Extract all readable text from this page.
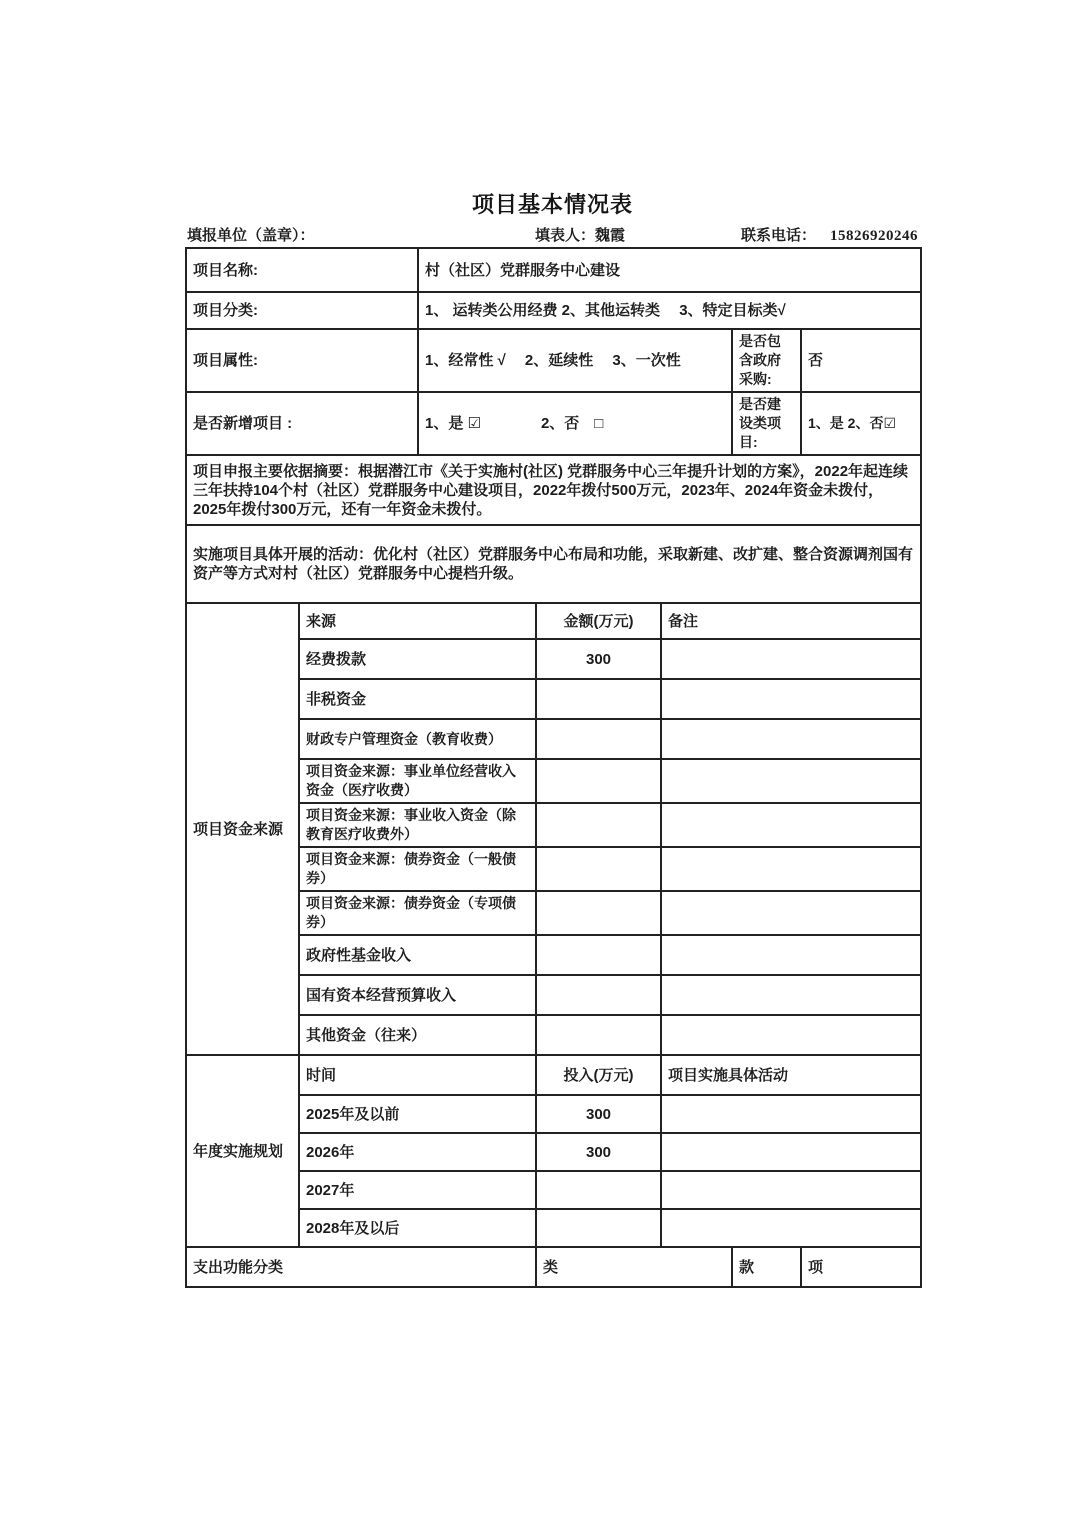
项目基本情况表
填报单位（盖章）：	填表人：魏霞	联系电话： 15826920246
项目名称:		村（社区）党群服务中心建设				
项目分类:		1、 运转类公用经费 2、其他运转类　 3、特定目标类√				
项目属性:		1、经常性 √　 2、延续性　 3、一次性			是否包含政府采购:	否
是否新增项目 :		1、是 ☑　　　　2、否　□			是否建设类项目:	1、是 2、否☑
项目申报主要依据摘要：根据潜江市《关于实施村(社区) 党群服务中心三年提升计划的方案》，2022年起连续三年扶持104个村（社区）党群服务中心建设项目，2022年拨付500万元，2023年、2024年资金未拨付，2025年拨付300万元，还有一年资金未拨付。						
实施项目具体开展的活动：优化村（社区）党群服务中心布局和功能，采取新建、改扩建、整合资源调剂国有资产等方式对村（社区）党群服务中心提档升级。						
项目资金来源	来源		金额(万元)	备注		
	经费拨款		300			
	非税资金					
	财政专户管理资金（教育收费）					
	项目资金来源：事业单位经营收入资金（医疗收费）					
	项目资金来源：事业收入资金（除教育医疗收费外）					
	项目资金来源：债券资金（一般债券）					
	项目资金来源：债券资金（专项债券）					
	政府性基金收入					
	国有资本经营预算收入					
	其他资金（往来）					
年度实施规划	时间		投入(万元)	项目实施具体活动		
	2025年及以前		300			
	2026年		300			
	2027年					
	2028年及以后					
支出功能分类			类		款	项
